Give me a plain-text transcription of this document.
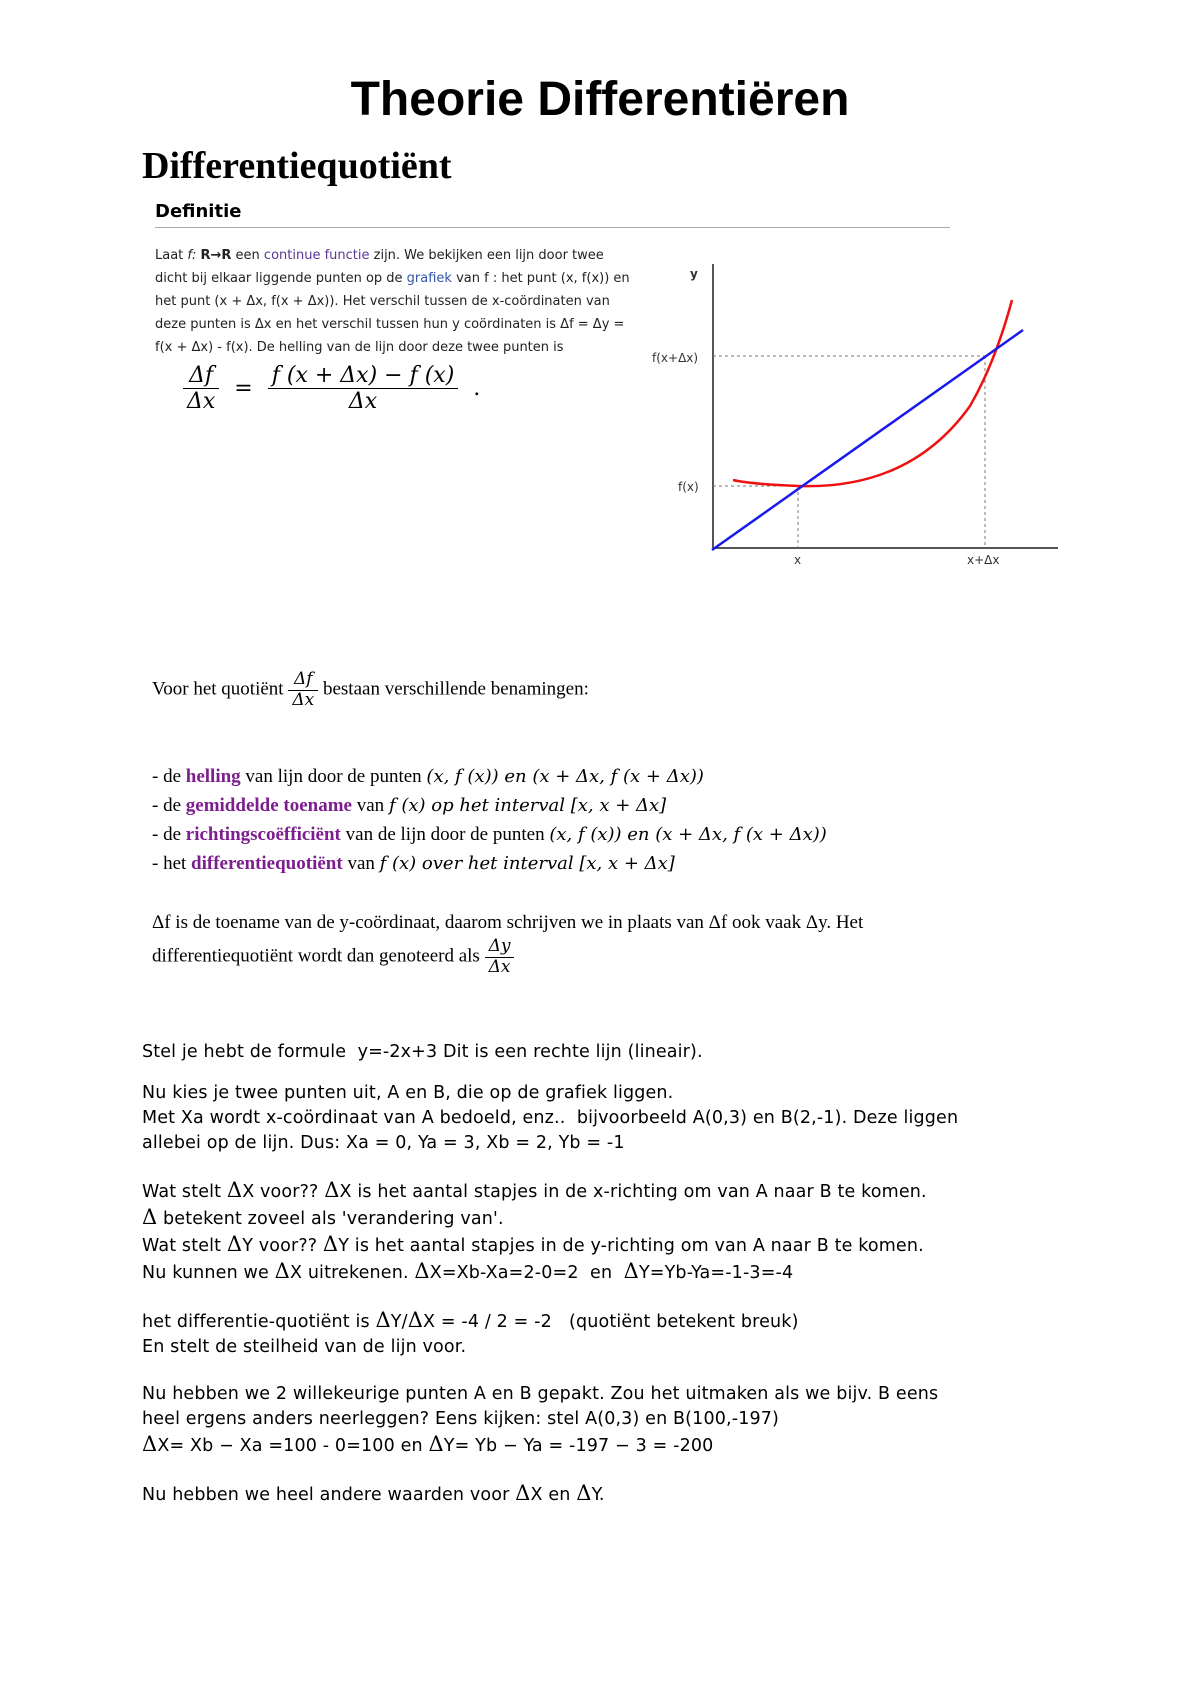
Theorie Differentiëren
Differentiequotiënt
Definitie
Laat f: R→R een continue functie zijn. We bekijken een lijn door twee dicht bij elkaar liggende punten op de grafiek van f : het punt (x, f(x)) en het punt (x + Δx, f(x + Δx)). Het verschil tussen de x-coördinaten van deze punten is Δx en het verschil tussen hun y coördinaten is Δf = Δy = f(x + Δx) - f(x). De helling van de lijn door deze twee punten is
$\frac{\Delta f}{\Delta x} = \frac{f (x + \Delta x) - f (x)}{\Delta x}$ .
y
f(x+Δx)
f(x)
x	x+Δx
Voor het quotiënt $\frac{\Delta f}{\Delta x}$ bestaan verschillende benamingen:
- de helling van lijn door de punten (x, f (x)) en (x + Δx, f (x + Δx))
- de gemiddelde toename van f (x) op het interval [x, x + Δx]
- de richtingscoëfficiënt van de lijn door de punten (x, f (x)) en (x + Δx, f (x + Δx))
- het differentiequotiënt van f (x) over het interval [x, x + Δx]
Δf is de toename van de y-coördinaat, daarom schrijven we in plaats van Δf ook vaak Δy. Het
differentiequotiënt wordt dan genoteerd als $\frac{\Delta y}{\Delta x}$

Stel je hebt de formule  y=-2x+3 Dit is een rechte lijn (lineair).

Nu kies je twee punten uit, A en B, die op de grafiek liggen.

Met Xa wordt x-coördinaat van A bedoeld, enz..  bijvoorbeeld A(0,3) en B(2,-1). Deze liggen

allebei op de lijn. Dus: Xa = 0, Ya = 3, Xb = 2, Yb = -1

Wat stelt ΔX voor?? ΔX is het aantal stapjes in de x-richting om van A naar B te komen.

Δ betekent zoveel als 'verandering van'.

Wat stelt ΔY voor?? ΔY is het aantal stapjes in de y-richting om van A naar B te komen.

Nu kunnen we ΔX uitrekenen. ΔX=Xb-Xa=2-0=2  en  ΔY=Yb-Ya=-1-3=-4

het differentie-quotiënt is ΔY/ΔX = -4 / 2 = -2   (quotiënt betekent breuk)

En stelt de steilheid van de lijn voor.

Nu hebben we 2 willekeurige punten A en B gepakt. Zou het uitmaken als we bijv. B eens

heel ergens anders neerleggen? Eens kijken: stel A(0,3) en B(100,-197)

ΔX= Xb − Xa =100 - 0=100 en ΔY= Yb − Ya = -197 − 3 = -200

Nu hebben we heel andere waarden voor ΔX en ΔY.
